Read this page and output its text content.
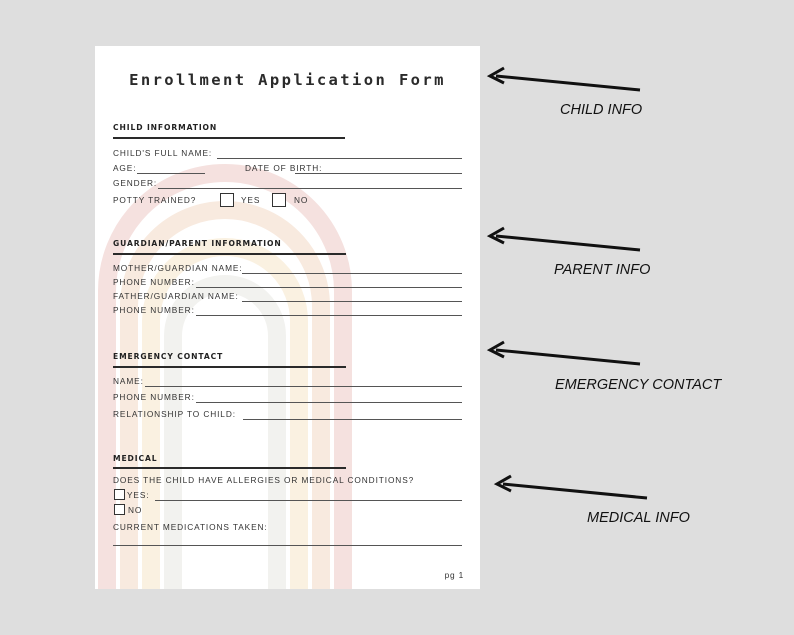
Enrollment Application Form
CHILD INFORMATION
CHILD'S FULL NAME:
AGE:	DATE OF BIRTH:
GENDER:
POTTY TRAINED?	YES	NO
GUARDIAN/PARENT INFORMATION
MOTHER/GUARDIAN NAME:
PHONE NUMBER:
FATHER/GUARDIAN NAME:
PHONE NUMBER:
EMERGENCY CONTACT
NAME:
PHONE NUMBER:
RELATIONSHIP TO CHILD:
MEDICAL
DOES THE CHILD HAVE ALLERGIES OR MEDICAL CONDITIONS?
YES:
NO
CURRENT MEDICATIONS TAKEN:
pg 1
CHILD INFO
PARENT INFO
EMERGENCY CONTACT
MEDICAL INFO
